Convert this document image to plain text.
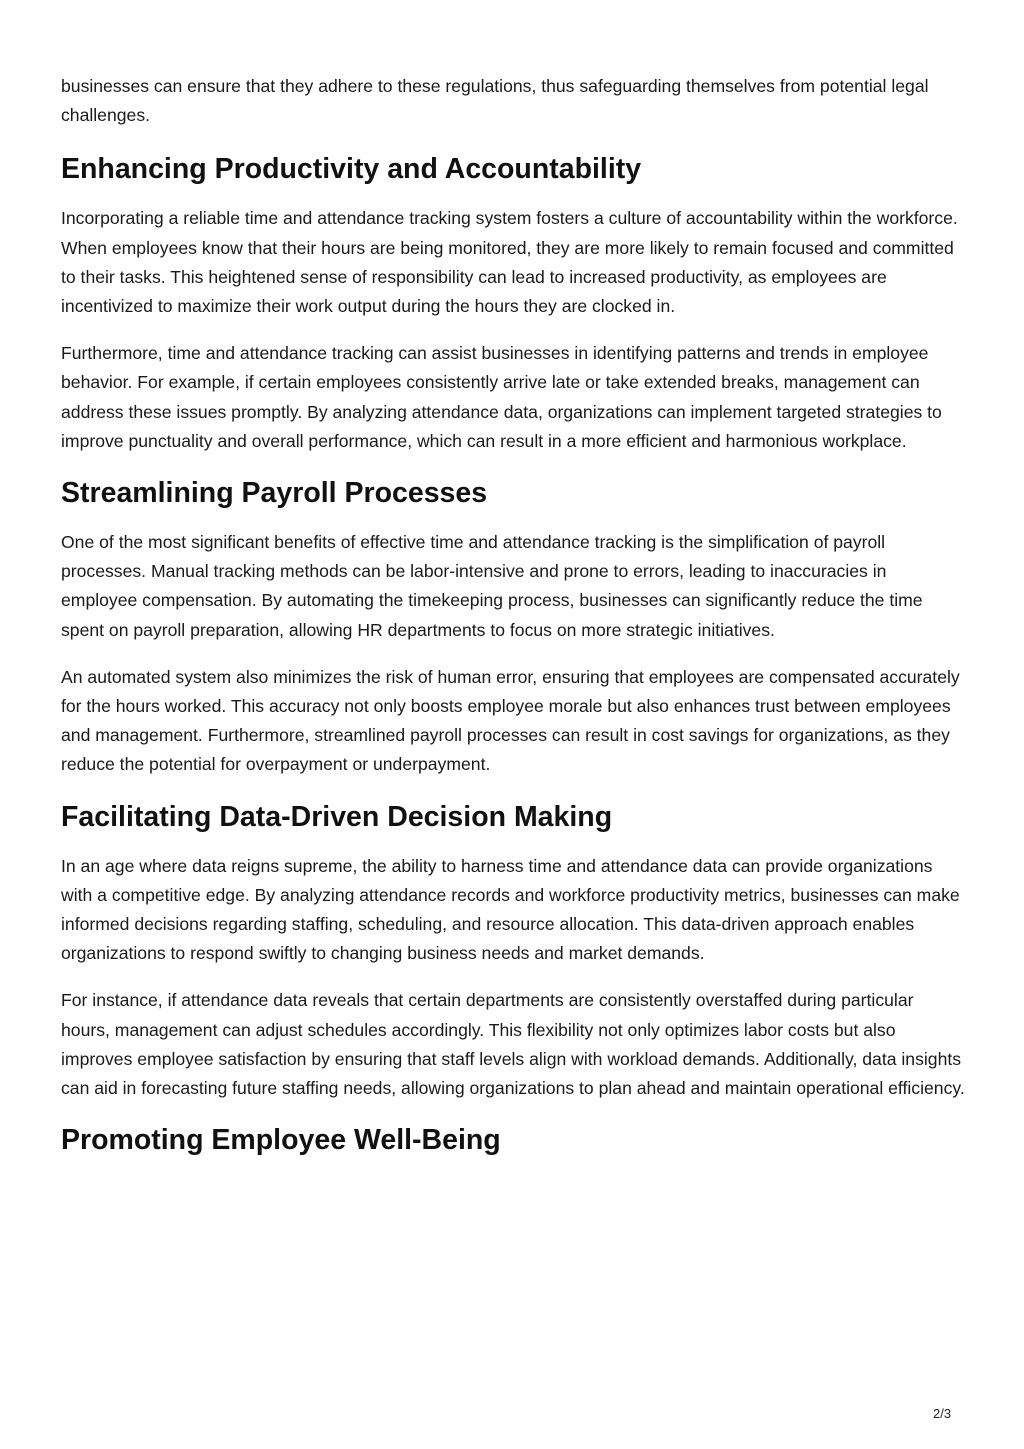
businesses can ensure that they adhere to these regulations, thus safeguarding themselves from potential legal challenges.

Enhancing Productivity and Accountability

Incorporating a reliable time and attendance tracking system fosters a culture of accountability within the workforce. When employees know that their hours are being monitored, they are more likely to remain focused and committed to their tasks. This heightened sense of responsibility can lead to increased productivity, as employees are incentivized to maximize their work output during the hours they are clocked in.

Furthermore, time and attendance tracking can assist businesses in identifying patterns and trends in employee behavior. For example, if certain employees consistently arrive late or take extended breaks, management can address these issues promptly. By analyzing attendance data, organizations can implement targeted strategies to improve punctuality and overall performance, which can result in a more efficient and harmonious workplace.

Streamlining Payroll Processes

One of the most significant benefits of effective time and attendance tracking is the simplification of payroll processes. Manual tracking methods can be labor-intensive and prone to errors, leading to inaccuracies in employee compensation. By automating the timekeeping process, businesses can significantly reduce the time spent on payroll preparation, allowing HR departments to focus on more strategic initiatives.

An automated system also minimizes the risk of human error, ensuring that employees are compensated accurately for the hours worked. This accuracy not only boosts employee morale but also enhances trust between employees and management. Furthermore, streamlined payroll processes can result in cost savings for organizations, as they reduce the potential for overpayment or underpayment.

Facilitating Data-Driven Decision Making

In an age where data reigns supreme, the ability to harness time and attendance data can provide organizations with a competitive edge. By analyzing attendance records and workforce productivity metrics, businesses can make informed decisions regarding staffing, scheduling, and resource allocation. This data-driven approach enables organizations to respond swiftly to changing business needs and market demands.

For instance, if attendance data reveals that certain departments are consistently overstaffed during particular hours, management can adjust schedules accordingly. This flexibility not only optimizes labor costs but also improves employee satisfaction by ensuring that staff levels align with workload demands. Additionally, data insights can aid in forecasting future staffing needs, allowing organizations to plan ahead and maintain operational efficiency.

Promoting Employee Well-Being
2/3
